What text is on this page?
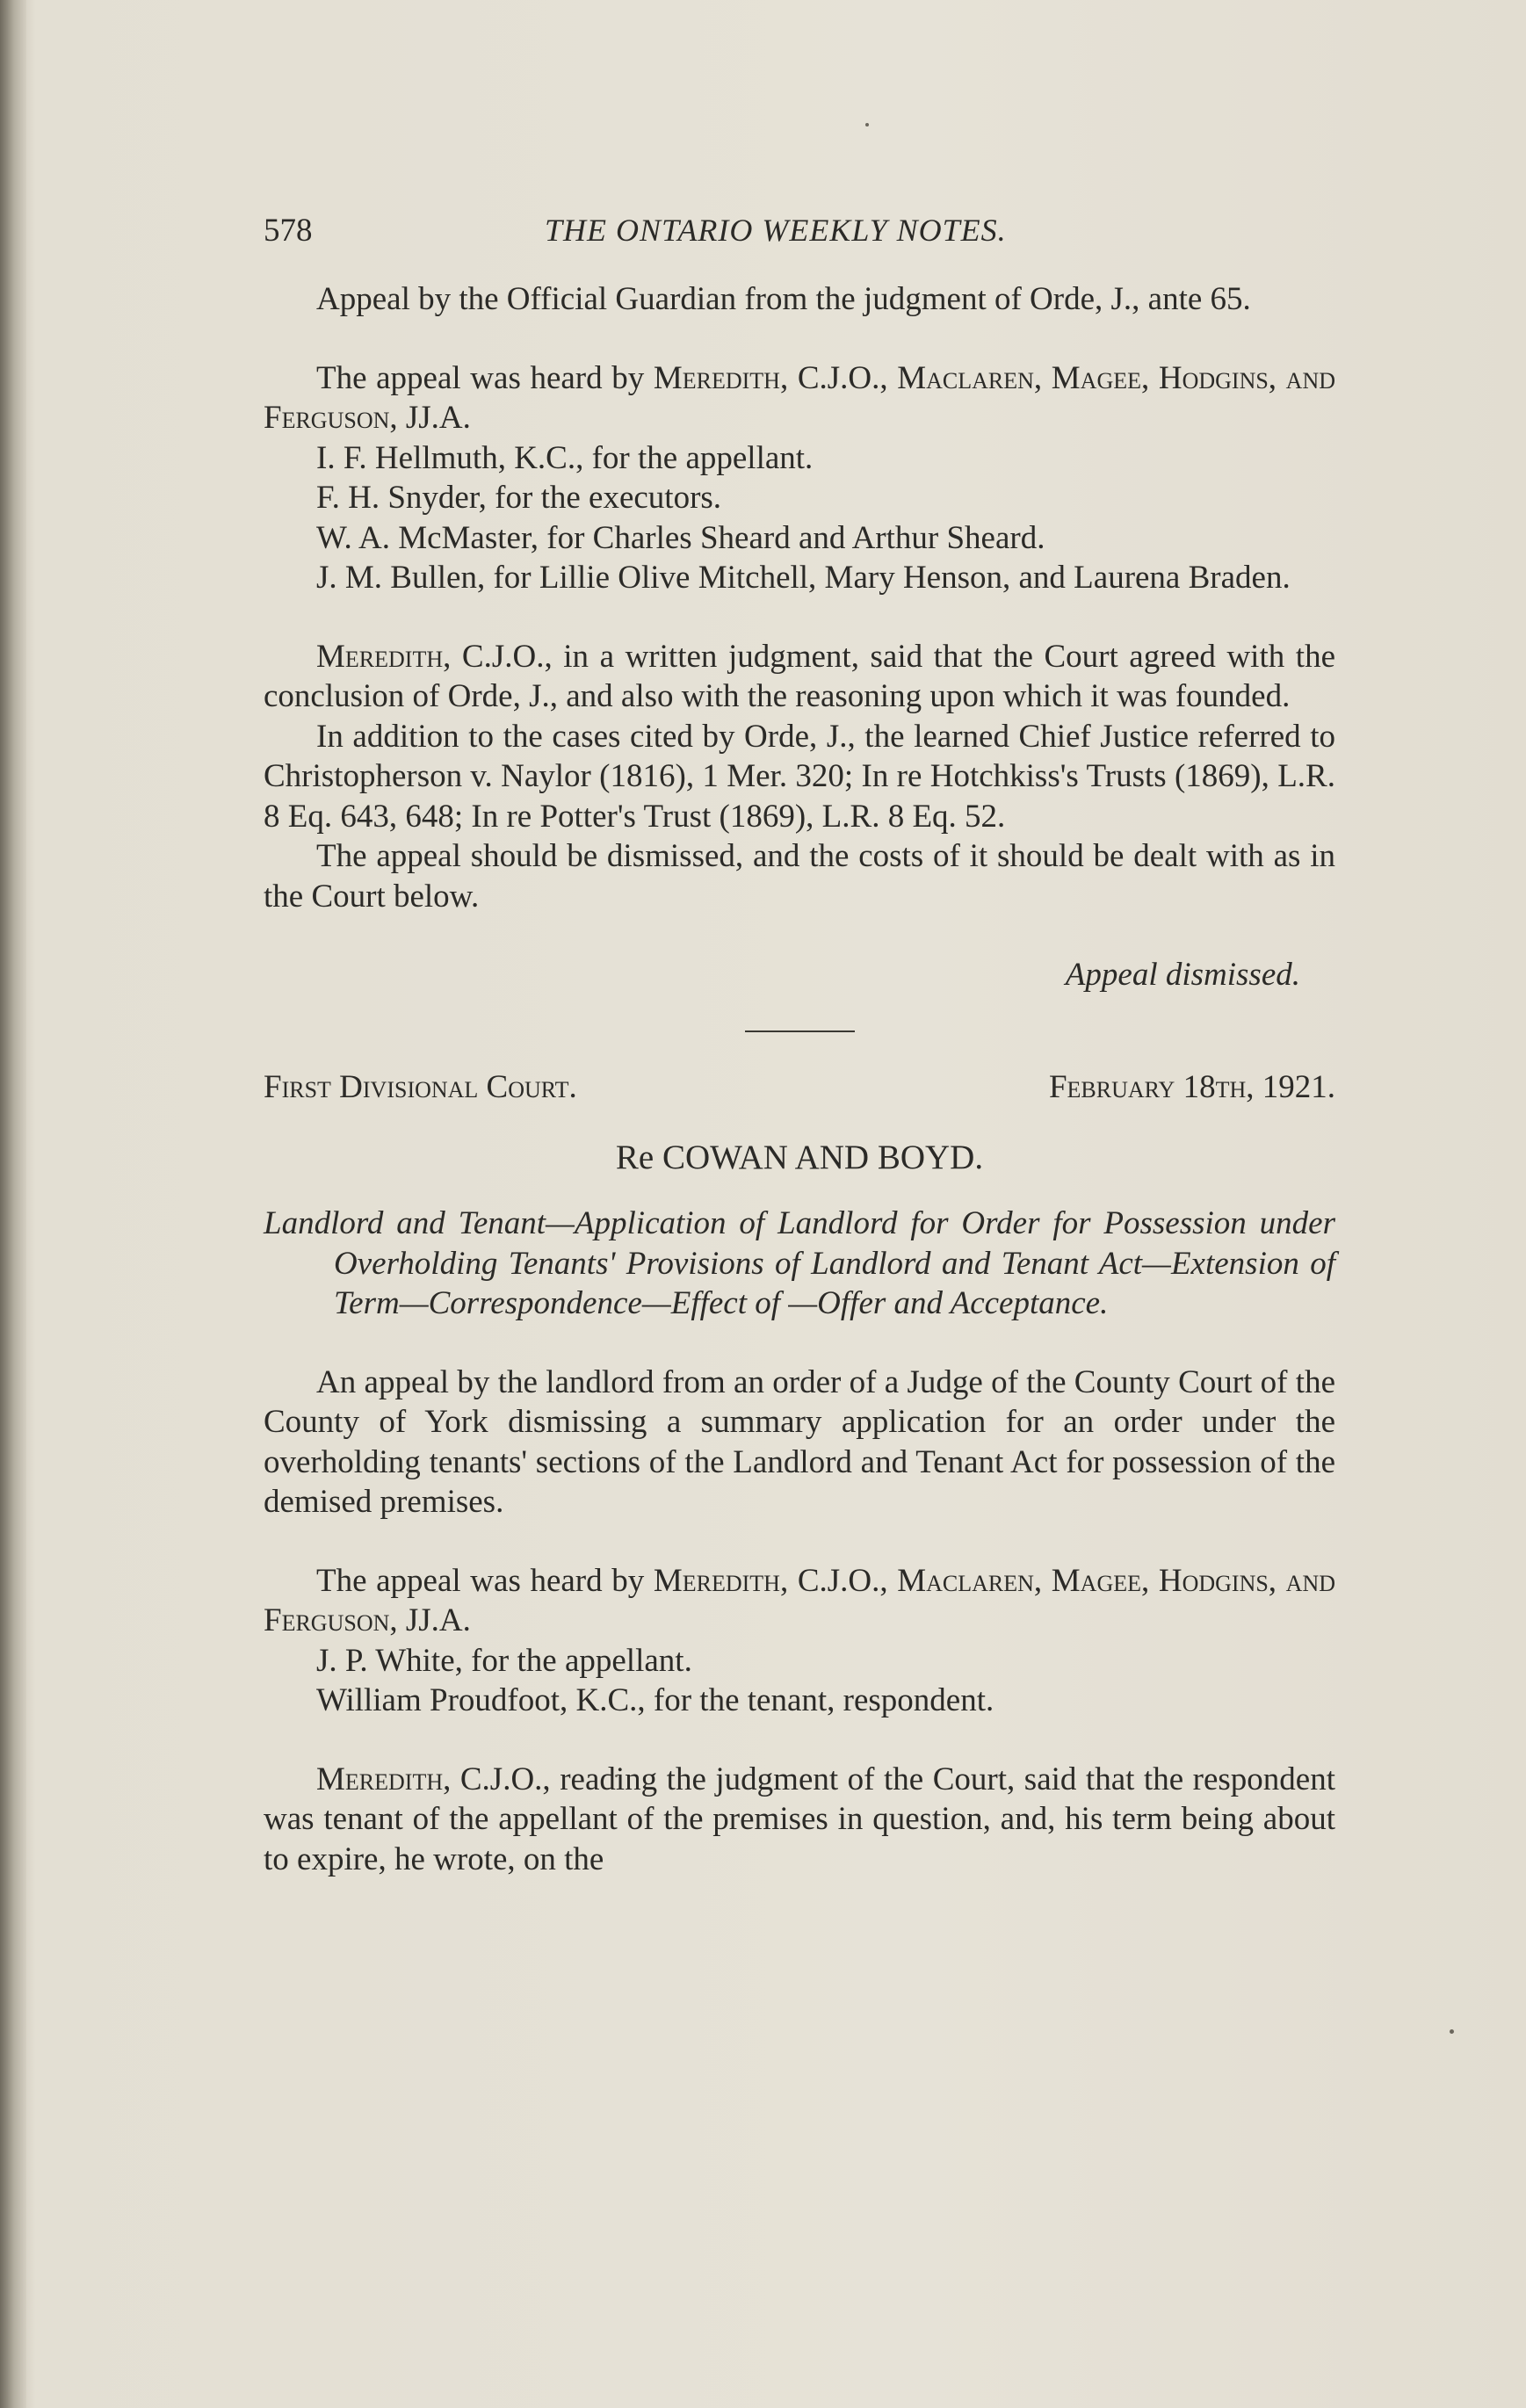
578	THE ONTARIO WEEKLY NOTES.

Appeal by the Official Guardian from the judgment of Orde, J., ante 65.

The appeal was heard by Meredith, C.J.O., Maclaren, Magee, Hodgins, and Ferguson, JJ.A.

I. F. Hellmuth, K.C., for the appellant.

F. H. Snyder, for the executors.

W. A. McMaster, for Charles Sheard and Arthur Sheard.

J. M. Bullen, for Lillie Olive Mitchell, Mary Henson, and Laurena Braden.

Meredith, C.J.O., in a written judgment, said that the Court agreed with the conclusion of Orde, J., and also with the reasoning upon which it was founded.

In addition to the cases cited by Orde, J., the learned Chief Justice referred to Christopherson v. Naylor (1816), 1 Mer. 320; In re Hotchkiss's Trusts (1869), L.R. 8 Eq. 643, 648; In re Potter's Trust (1869), L.R. 8 Eq. 52.

The appeal should be dismissed, and the costs of it should be dealt with as in the Court below.

Appeal dismissed.

First Divisional Court.	February 18th, 1921.
Re COWAN AND BOYD.

Landlord and Tenant—Application of Landlord for Order for Possession under Overholding Tenants' Provisions of Landlord and Tenant Act—Extension of Term—Correspondence—Effect of —Offer and Acceptance.

An appeal by the landlord from an order of a Judge of the County Court of the County of York dismissing a summary application for an order under the overholding tenants' sections of the Landlord and Tenant Act for possession of the demised premises.

The appeal was heard by Meredith, C.J.O., Maclaren, Magee, Hodgins, and Ferguson, JJ.A.

J. P. White, for the appellant.

William Proudfoot, K.C., for the tenant, respondent.

Meredith, C.J.O., reading the judgment of the Court, said that the respondent was tenant of the appellant of the premises in question, and, his term being about to expire, he wrote, on the
